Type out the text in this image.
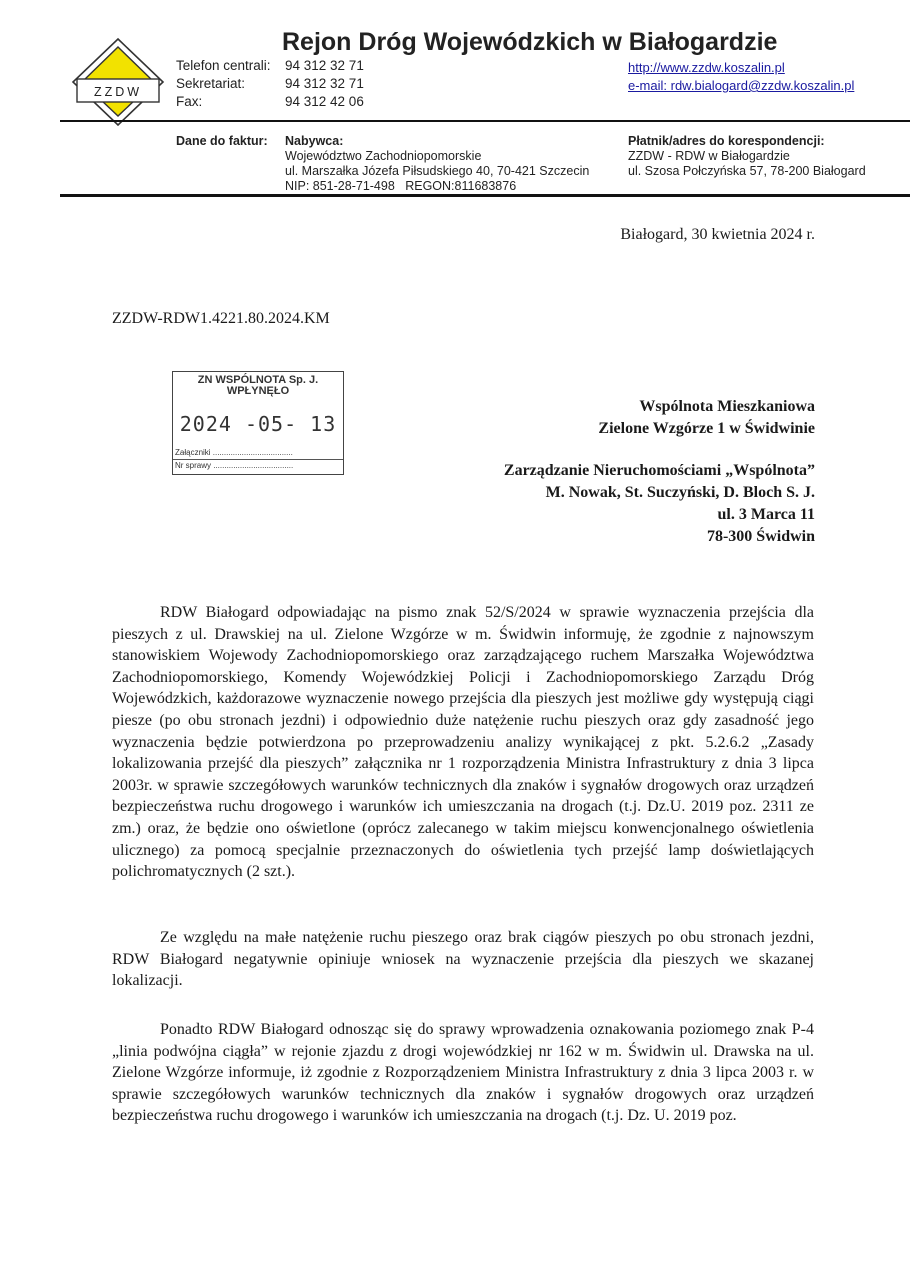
ZZDW
Rejon Dróg Wojewódzkich w Białogardzie
Telefon centrali: 94 312 32 71
Sekretariat:	94 312 32 71
Fax:	94 312 42 06
http://www.zzdw.koszalin.pl
e-mail: rdw.bialogard@zzdw.koszalin.pl
Dane do faktur: Nabywca:
Województwo Zachodniopomorskie
ul. Marszałka Józefa Piłsudskiego 40, 70-421 Szczecin
NIP: 851-28-71-498   REGON:811683876
Płatnik/adres do korespondencji:
ZZDW - RDW w Białogardzie
ul. Szosa Połczyńska 57, 78-200 Białogard
Białogard, 30 kwietnia 2024 r.
ZZDW-RDW1.4221.80.2024.KM
ZN WSPÓLNOTA Sp. J.
WPŁYNĘŁO
2024 -05- 13
Załączniki ....................................
Nr sprawy ....................................
Wspólnota Mieszkaniowa
Zielone Wzgórze 1 w Świdwinie
Zarządzanie Nieruchomościami „Wspólnota”
M. Nowak, St. Suczyński, D. Bloch S. J.
ul. 3 Marca 11
78-300 Świdwin
RDW Białogard odpowiadając na pismo znak 52/S/2024 w sprawie wyznaczenia przejścia dla pieszych z ul. Drawskiej na ul. Zielone Wzgórze w m. Świdwin informuję, że zgodnie z najnowszym stanowiskiem Wojewody Zachodniopomorskiego oraz zarządzającego ruchem Marszałka Województwa Zachodniopomorskiego, Komendy Wojewódzkiej Policji i Zachodniopomorskiego Zarządu Dróg Wojewódzkich, każdorazowe wyznaczenie nowego przejścia dla pieszych jest możliwe gdy występują ciągi piesze (po obu stronach jezdni) i odpowiednio duże natężenie ruchu pieszych oraz gdy zasadność jego wyznaczenia będzie potwierdzona po przeprowadzeniu analizy wynikającej z pkt. 5.2.6.2 „Zasady lokalizowania przejść dla pieszych” załącznika nr 1 rozporządzenia Ministra Infrastruktury z dnia 3 lipca 2003r. w sprawie szczegółowych warunków technicznych dla znaków i sygnałów drogowych oraz urządzeń bezpieczeństwa ruchu drogowego i warunków ich umieszczania na drogach (t.j. Dz.U. 2019 poz. 2311 ze zm.) oraz, że będzie ono oświetlone (oprócz zalecanego w takim miejscu konwencjonalnego oświetlenia ulicznego) za pomocą specjalnie przeznaczonych do oświetlenia tych przejść lamp doświetlających polichromatycznych (2 szt.).
Ze względu na małe natężenie ruchu pieszego oraz brak ciągów pieszych po obu stronach jezdni, RDW Białogard negatywnie opiniuje wniosek na wyznaczenie przejścia dla pieszych we skazanej lokalizacji.
Ponadto RDW Białogard odnosząc się do sprawy wprowadzenia oznakowania poziomego znak P-4 „linia podwójna ciągła” w rejonie zjazdu z drogi wojewódzkiej nr 162 w m. Świdwin ul. Drawska na ul. Zielone Wzgórze informuje, iż zgodnie z Rozporządzeniem Ministra Infrastruktury z dnia 3 lipca 2003 r. w sprawie szczegółowych warunków technicznych dla znaków i sygnałów drogowych oraz urządzeń bezpieczeństwa ruchu drogowego i warunków ich umieszczania na drogach (t.j. Dz. U. 2019 poz.
